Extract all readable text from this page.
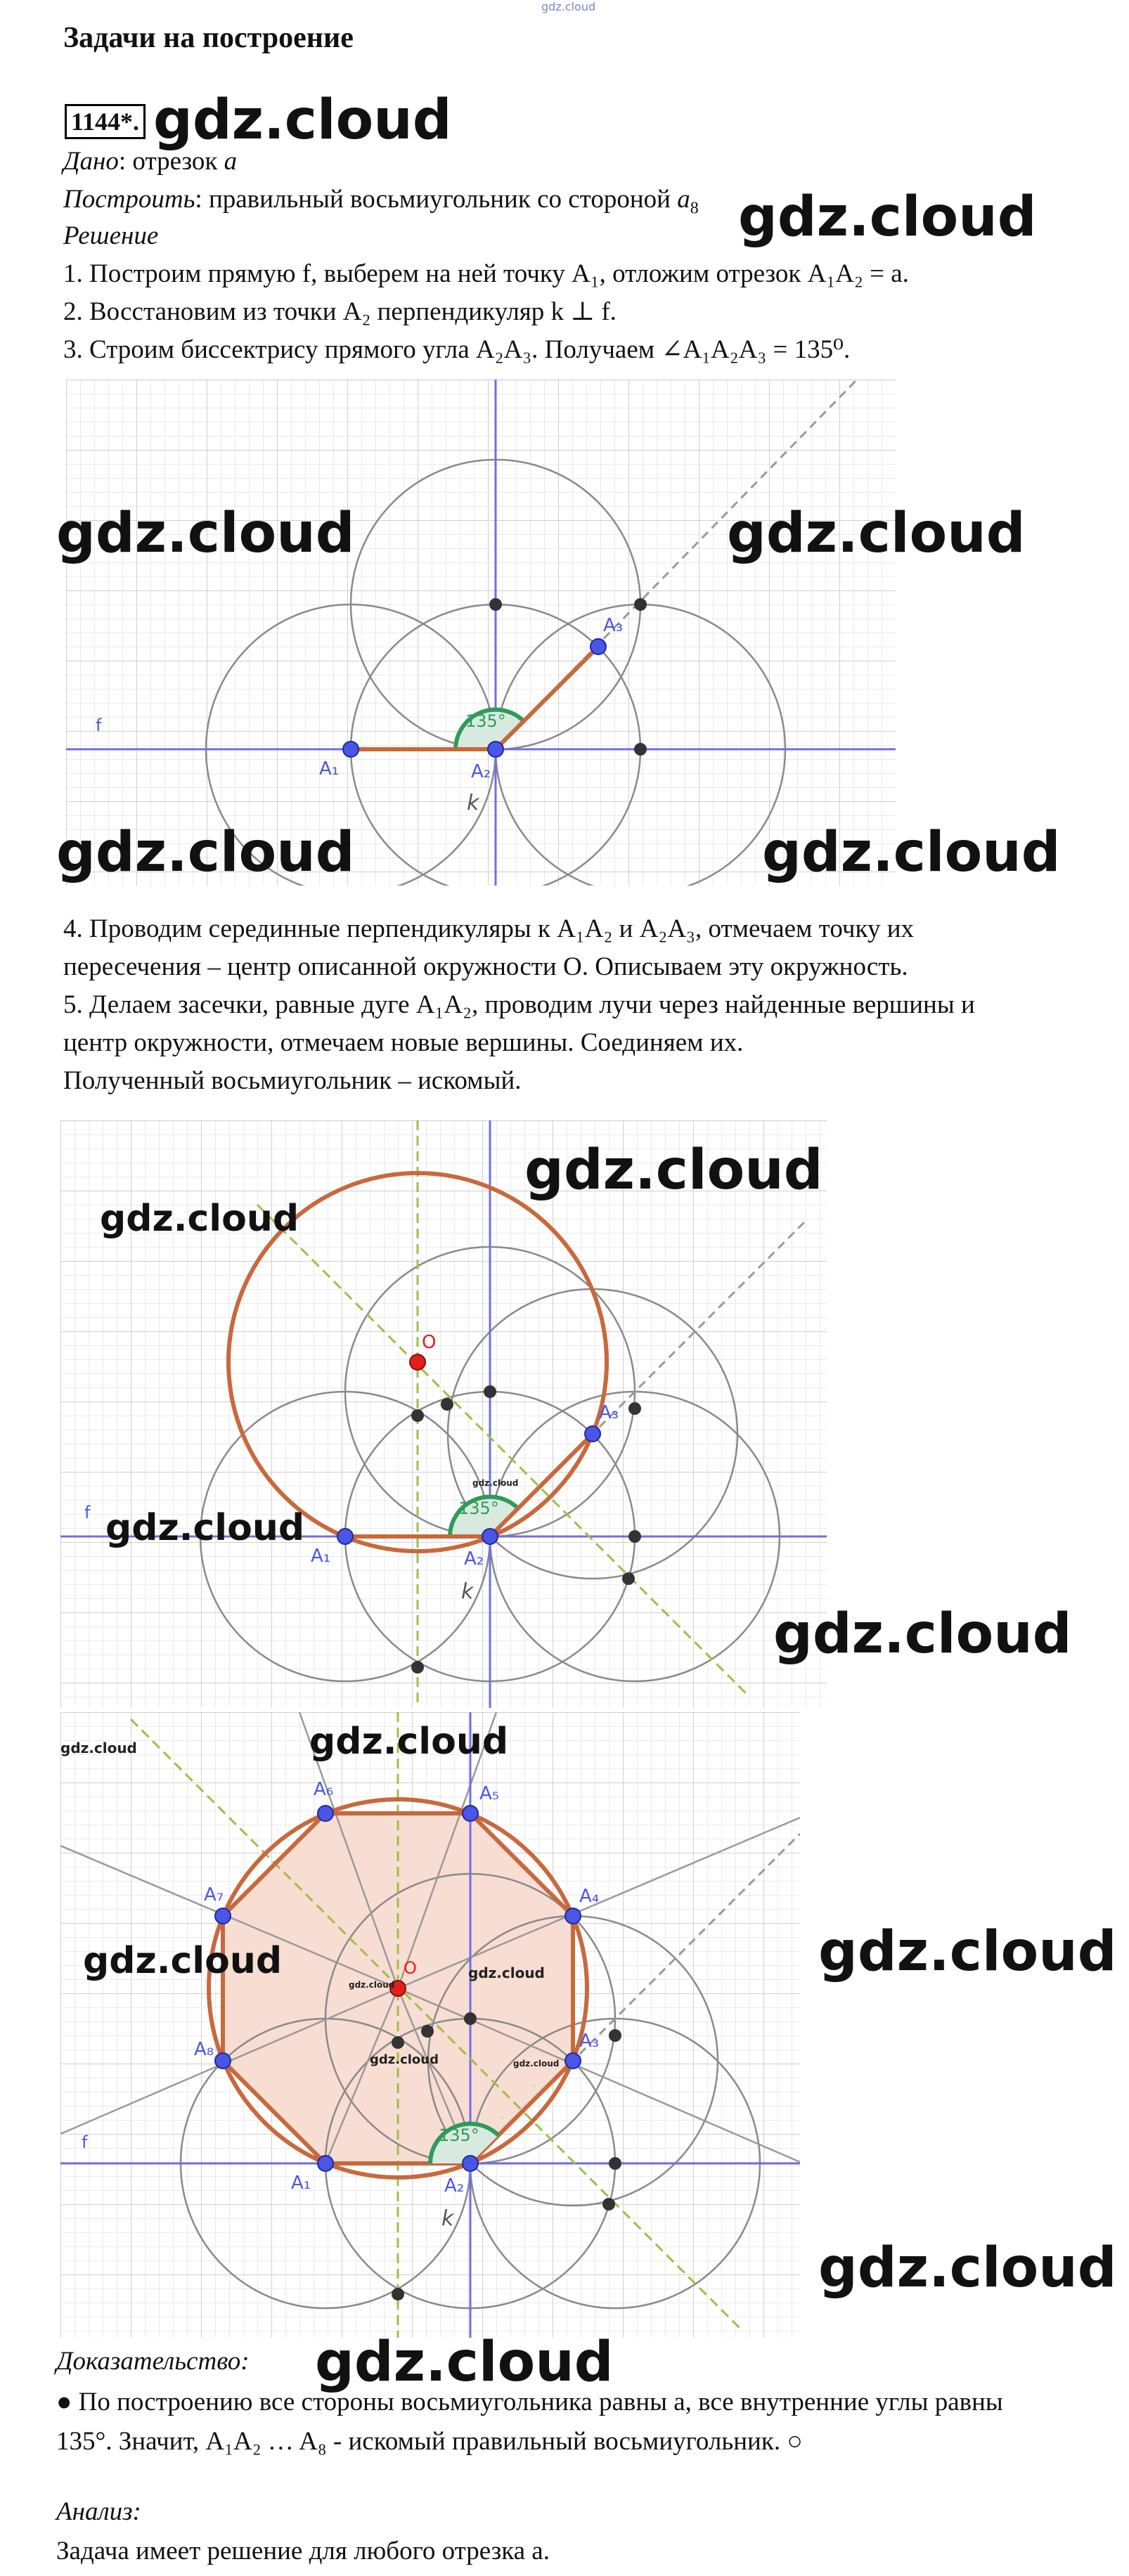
gdz.cloud
Задачи на построение
1144*. gdz.cloud
Дано: отрезок a
Построить: правильный восьмиугольник со стороной $a_8$ gdz.cloud
Решение
1. Построим прямую f, выберем на ней точку A₁, отложим отрезок A₁A₂ = a.
2. Восстановим из точки A₂ перпендикуляр k ⊥ f.
3. Строим биссектрису прямого угла A₂A₃. Получаем ∠A₁A₂A₃ = 135⁰.
f
A₁	A₂
A₃
135°
k
gdz.cloud	gdz.cloud
gdz.cloud	gdz.cloud
4. Проводим серединные перпендикуляры к A₁A₂ и A₂A₃, отмечаем точку их
пересечения – центр описанной окружности O. Описываем эту окружность.
5. Делаем засечки, равные дуге A₁A₂, проводим лучи через найденные вершины и
центр окружности, отмечаем новые вершины. Соединяем их.
Полученный восьмиугольник – искомый.
f
O
A₁	A₂
A₃
135°
k
gdz.cloud
gdz.cloud
gdz.cloud
gdz.cloud
gdz.cloud
f
O
A₁	A₂
A₃
A₄
A₅
A₆
A₇
A₈
135°
k
gdz.cloud
gdz.cloud
gdz.cloud
gdz.cloud
gdz.cloud
gdz.cloud
gdz.cloud	gdz.cloud
gdz.cloud
Доказательство: gdz.cloud
● По построению все стороны восьмиугольника равны a, все внутренние углы равны
135°. Значит, A₁A₂ … A₈ - искомый правильный восьмиугольник. ○
Анализ:
Задача имеет решение для любого отрезка a.
